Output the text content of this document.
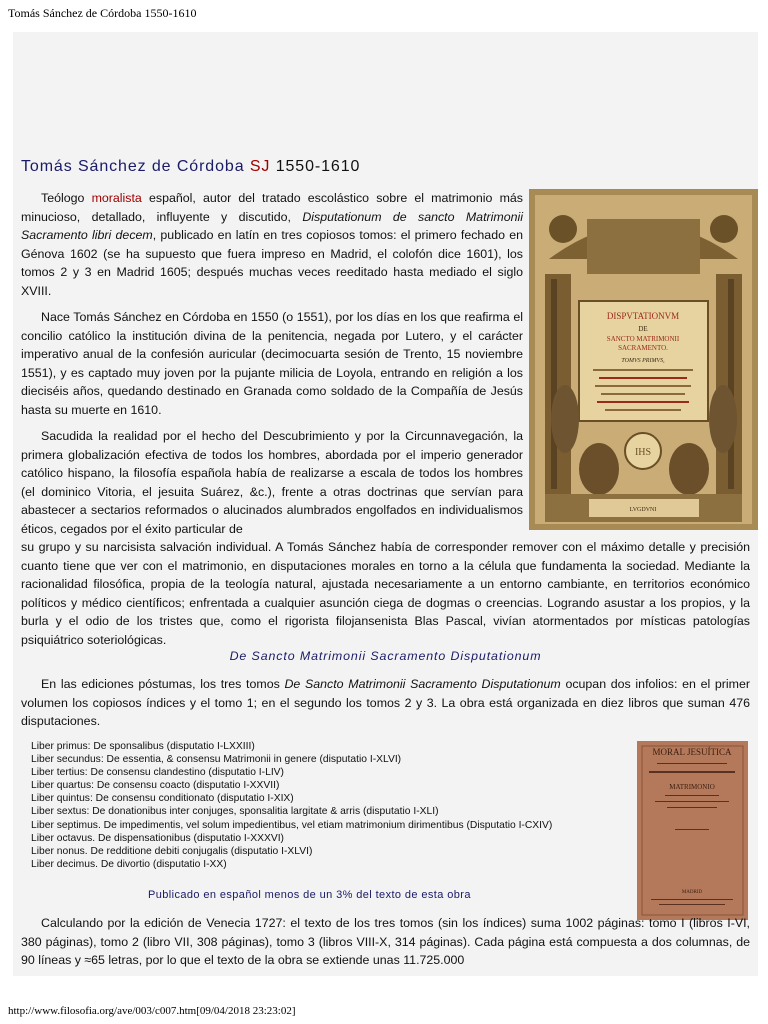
Tomás Sánchez de Córdoba 1550-1610
Tomás Sánchez de Córdoba SJ 1550-1610
DISPVTATIONVM
DE
SANCTO MATRIMONII
SACRAMENTO.
TOMVS PRIMVS,
IHS
LVGDVNI

Teólogo moralista español, autor del tratado escolástico sobre el matrimonio más minucioso, detallado, influyente y discutido, Disputationum de sancto Matrimonii Sacramento libri decem, publicado en latín en tres copiosos tomos: el primero fechado en Génova 1602 (se ha supuesto que fuera impreso en Madrid, el colofón dice 1601), los tomos 2 y 3 en Madrid 1605; después muchas veces reeditado hasta mediado el siglo XVIII.

Nace Tomás Sánchez en Córdoba en 1550 (o 1551), por los días en los que reafirma el concilio católico la institución divina de la penitencia, negada por Lutero, y el carácter imperativo anual de la confesión auricular (decimocuarta sesión de Trento, 15 noviembre 1551), y es captado muy joven por la pujante milicia de Loyola, entrando en religión a los dieciséis años, quedando destinado en Granada como soldado de la Compañía de Jesús hasta su muerte en 1610.

Sacudida la realidad por el hecho del Descubrimiento y por la Circunnavegación, la primera globalización efectiva de todos los hombres, abordada por el imperio generador católico hispano, la filosofía española había de realizarse a escala de todos los hombres (el dominico Vitoria, el jesuita Suárez, &c.), frente a otras doctrinas que servían para abastecer a sectarios reformados o alucinados alumbrados engolfados en individualismos éticos, cegados por el éxito particular de

su grupo y su narcisista salvación individual. A Tomás Sánchez había de corresponder remover con el máximo detalle y precisión cuanto tiene que ver con el matrimonio, en disputaciones morales en torno a la célula que fundamenta la sociedad. Mediante la racionalidad filosófica, propia de la teología natural, ajustada necesariamente a un entorno cambiante, en territorios económico políticos y médico científicos; enfrentada a cualquier asunción ciega de dogmas o creencias. Logrando asustar a los propios, y la burla y el odio de los tristes que, como el rigorista filojansenista Blas Pascal, vivían atormentados por místicas patologías psiquiátrico soteriológicas.

De Sancto Matrimonii Sacramento Disputationum

En las ediciones póstumas, los tres tomos De Sancto Matrimonii Sacramento Disputationum ocupan dos infolios: en el primer volumen los copiosos índices y el tomo 1; en el segundo los tomos 2 y 3. La obra está organizada en diez libros que suman 476 disputaciones.

Liber primus: De sponsalibus (disputatio I-LXXIII)
Liber secundus: De essentia, & consensu Matrimonii in genere (disputatio I-XLVI)
Liber tertius: De consensu clandestino (disputatio I-LIV)
Liber quartus: De consensu coacto (disputatio I-XXVII)
Liber quintus: De consensu conditionato (disputatio I-XIX)
Liber sextus: De donationibus inter conjuges, sponsalitia largitate & arris (disputatio I-XLI)
Liber septimus. De impedimentis, vel solum impedientibus, vel etiam matrimonium dirimentibus (Disputatio I-CXIV)
Liber octavus. De dispensationibus (disputatio I-XXXVI)
Liber nonus. De redditione debiti conjugalis (disputatio I-XLVI)
Liber decimus. De divortio (disputatio I-XX)
Publicado en español menos de un 3% del texto de esta obra
MORAL JESUÍTICA
MATRIMONIO
MADRID

Calculando por la edición de Venecia 1727: el texto de los tres tomos (sin los índices) suma 1002 páginas: tomo I (libros I-VI, 380 páginas), tomo 2 (libro VII, 308 páginas), tomo 3 (libros VIII-X, 314 páginas). Cada página está compuesta a dos columnas, de 90 líneas y ≈65 letras, por lo que el texto de la obra se extiende unas 11.725.000

http://www.filosofia.org/ave/003/c007.htm[09/04/2018 23:23:02]
